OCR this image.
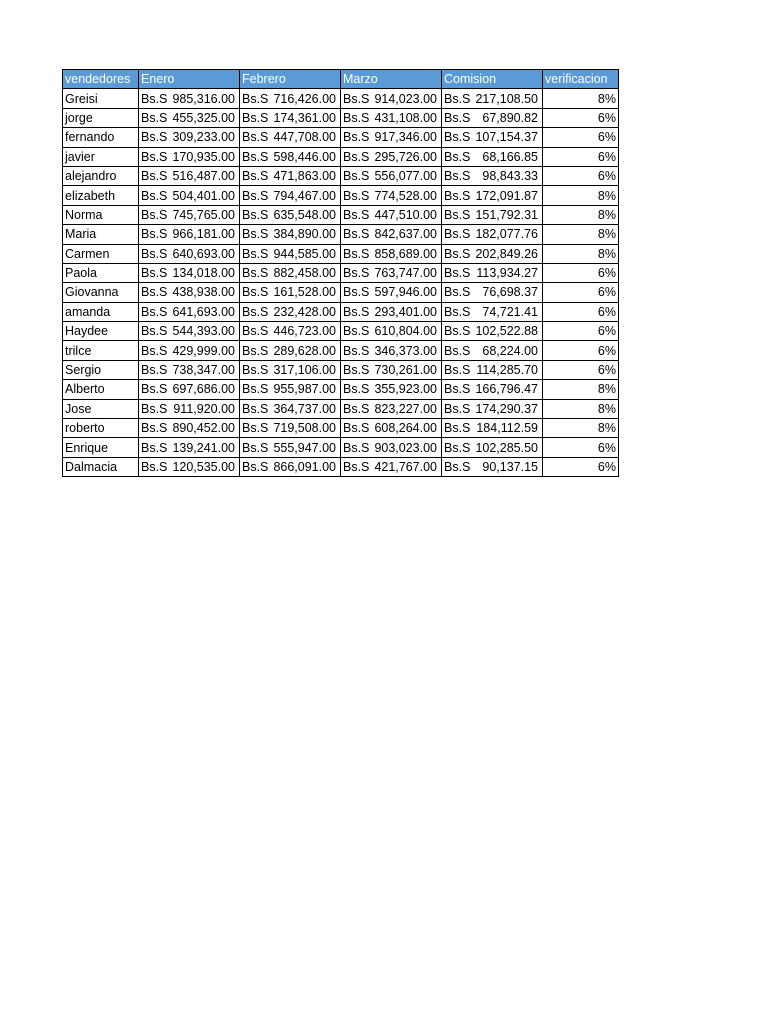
vendedores	Enero	Febrero	Marzo	Comision	verificacion
Greisi	Bs.S 985,316.00	Bs.S 716,426.00	Bs.S 914,023.00	Bs.S 217,108.50	8%
jorge	Bs.S 455,325.00	Bs.S 174,361.00	Bs.S 431,108.00	Bs.S 67,890.82	6%
fernando	Bs.S 309,233.00	Bs.S 447,708.00	Bs.S 917,346.00	Bs.S 107,154.37	6%
javier	Bs.S 170,935.00	Bs.S 598,446.00	Bs.S 295,726.00	Bs.S 68,166.85	6%
alejandro	Bs.S 516,487.00	Bs.S 471,863.00	Bs.S 556,077.00	Bs.S 98,843.33	6%
elizabeth	Bs.S 504,401.00	Bs.S 794,467.00	Bs.S 774,528.00	Bs.S 172,091.87	8%
Norma	Bs.S 745,765.00	Bs.S 635,548.00	Bs.S 447,510.00	Bs.S 151,792.31	8%
Maria	Bs.S 966,181.00	Bs.S 384,890.00	Bs.S 842,637.00	Bs.S 182,077.76	8%
Carmen	Bs.S 640,693.00	Bs.S 944,585.00	Bs.S 858,689.00	Bs.S 202,849.26	8%
Paola	Bs.S 134,018.00	Bs.S 882,458.00	Bs.S 763,747.00	Bs.S 113,934.27	6%
Giovanna	Bs.S 438,938.00	Bs.S 161,528.00	Bs.S 597,946.00	Bs.S 76,698.37	6%
amanda	Bs.S 641,693.00	Bs.S 232,428.00	Bs.S 293,401.00	Bs.S 74,721.41	6%
Haydee	Bs.S 544,393.00	Bs.S 446,723.00	Bs.S 610,804.00	Bs.S 102,522.88	6%
trilce	Bs.S 429,999.00	Bs.S 289,628.00	Bs.S 346,373.00	Bs.S 68,224.00	6%
Sergio	Bs.S 738,347.00	Bs.S 317,106.00	Bs.S 730,261.00	Bs.S 114,285.70	6%
Alberto	Bs.S 697,686.00	Bs.S 955,987.00	Bs.S 355,923.00	Bs.S 166,796.47	8%
Jose	Bs.S 911,920.00	Bs.S 364,737.00	Bs.S 823,227.00	Bs.S 174,290.37	8%
roberto	Bs.S 890,452.00	Bs.S 719,508.00	Bs.S 608,264.00	Bs.S 184,112.59	8%
Enrique	Bs.S 139,241.00	Bs.S 555,947.00	Bs.S 903,023.00	Bs.S 102,285.50	6%
Dalmacia	Bs.S 120,535.00	Bs.S 866,091.00	Bs.S 421,767.00	Bs.S 90,137.15	6%
